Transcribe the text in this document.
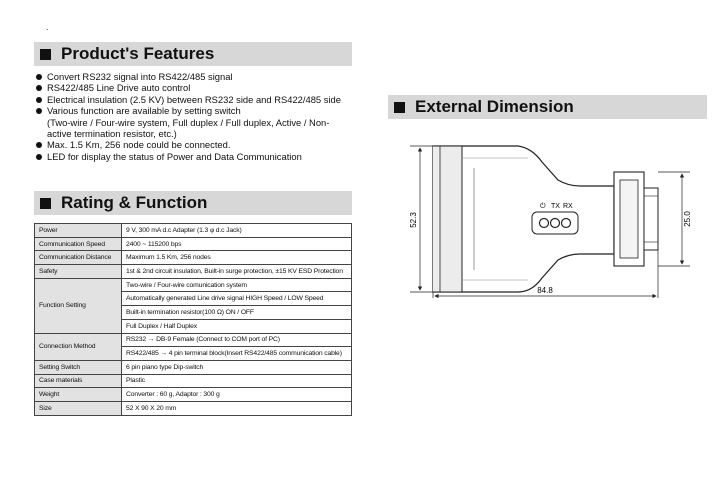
.
Product's Features
Convert RS232 signal into RS422/485 signal
RS422/485 Line Drive auto control
Electrical insulation (2.5 KV) between RS232 side and RS422/485 side
Various function are available by setting switch
(Two-wire / Four-wire system, Full duplex / Full duplex, Active / Non-
active termination resistor, etc.)
Max. 1.5 Km, 256 node could be connected.
LED for display the status of Power and Data Communication
Rating & Function
Power	9 V, 300 mA d.c Adapter (1.3 φ d.c Jack)
Communication Speed	2400 ~ 115200 bps
Communication Distance	Maximum 1.5 Km, 256 nodes
Safety	1st & 2nd circuit insulation, Built-in surge protection, ±15 KV ESD Protection
Function Setting	Two-wire / Four-wire comunication system
	Automatically generated Line drive signal HIGH Speed / LOW Speed
	Built-in termination resistor(100 Ω) ON / OFF
	Full Duplex / Half Duplex
Connection Method	RS232 → DB-9 Female (Connect to COM port of PC)
	RS422/485 → 4 pin terminal block(Insert RS422/485 communication cable)
Setting Switch	6 pin piano type Dip-switch
Case materials	Plastic
Weight	Converter : 60 g, Adaptor : 300 g
Size	52 X 90 X 20 mm
External Dimension
⏻ TX RX
52.3	25.0
84.8
